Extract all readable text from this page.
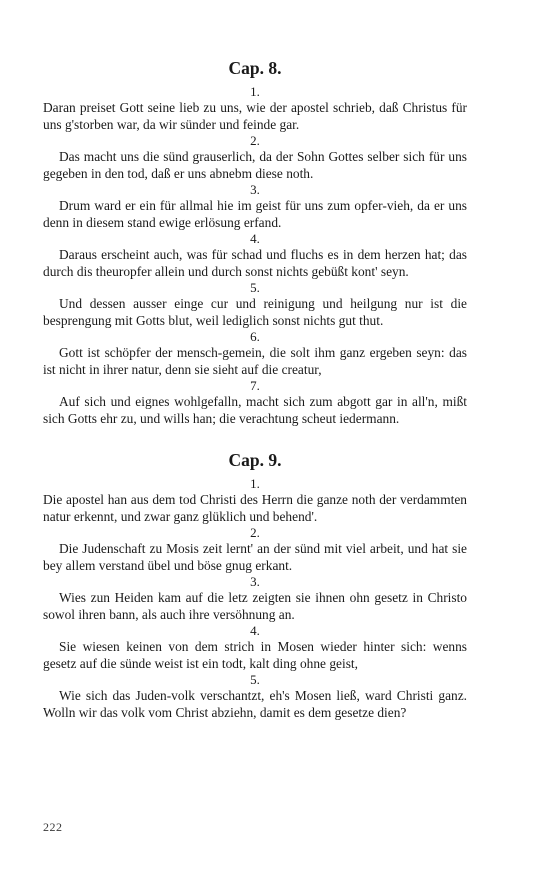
Cap. 8.
1.

Daran preiset Gott seine lieb zu uns, wie der apostel schrieb, daß Christus für uns g'storben war, da wir sünder und feinde gar.

2.

Das macht uns die sünd grauserlich, da der Sohn Gottes selber sich für uns gegeben in den tod, daß er uns abnebm diese noth.

3.

Drum ward er ein für allmal hie im geist für uns zum opfer-vieh, da er uns denn in diesem stand ewige erlösung erfand.

4.

Daraus erscheint auch, was für schad und fluchs es in dem herzen hat; das durch dis theuropfer allein und durch sonst nichts gebüßt kont' seyn.

5.

Und dessen ausser einge cur und reinigung und heilgung nur ist die besprengung mit Gotts blut, weil lediglich sonst nichts gut thut.

6.

Gott ist schöpfer der mensch-gemein, die solt ihm ganz ergeben seyn: das ist nicht in ihrer natur, denn sie sieht auf die creatur,

7.

Auf sich und eignes wohlgefalln, macht sich zum abgott gar in all'n, mißt sich Gotts ehr zu, und wills han; die verachtung scheut iedermann.

Cap. 9.
1.

Die apostel han aus dem tod Christi des Herrn die ganze noth der verdammten natur erkennt, und zwar ganz glüklich und behend'.

2.

Die Judenschaft zu Mosis zeit lernt' an der sünd mit viel arbeit, und hat sie bey allem verstand übel und böse gnug erkant.

3.

Wies zun Heiden kam auf die letz zeigten sie ihnen ohn gesetz in Christo sowol ihren bann, als auch ihre versöhnung an.

4.

Sie wiesen keinen von dem strich in Mosen wieder hinter sich: wenns gesetz auf die sünde weist ist ein todt, kalt ding ohne geist,

5.

Wie sich das Juden-volk verschantzt, eh's Mosen ließ, ward Christi ganz. Wolln wir das volk vom Christ abziehn, damit es dem gesetze dien?

222
